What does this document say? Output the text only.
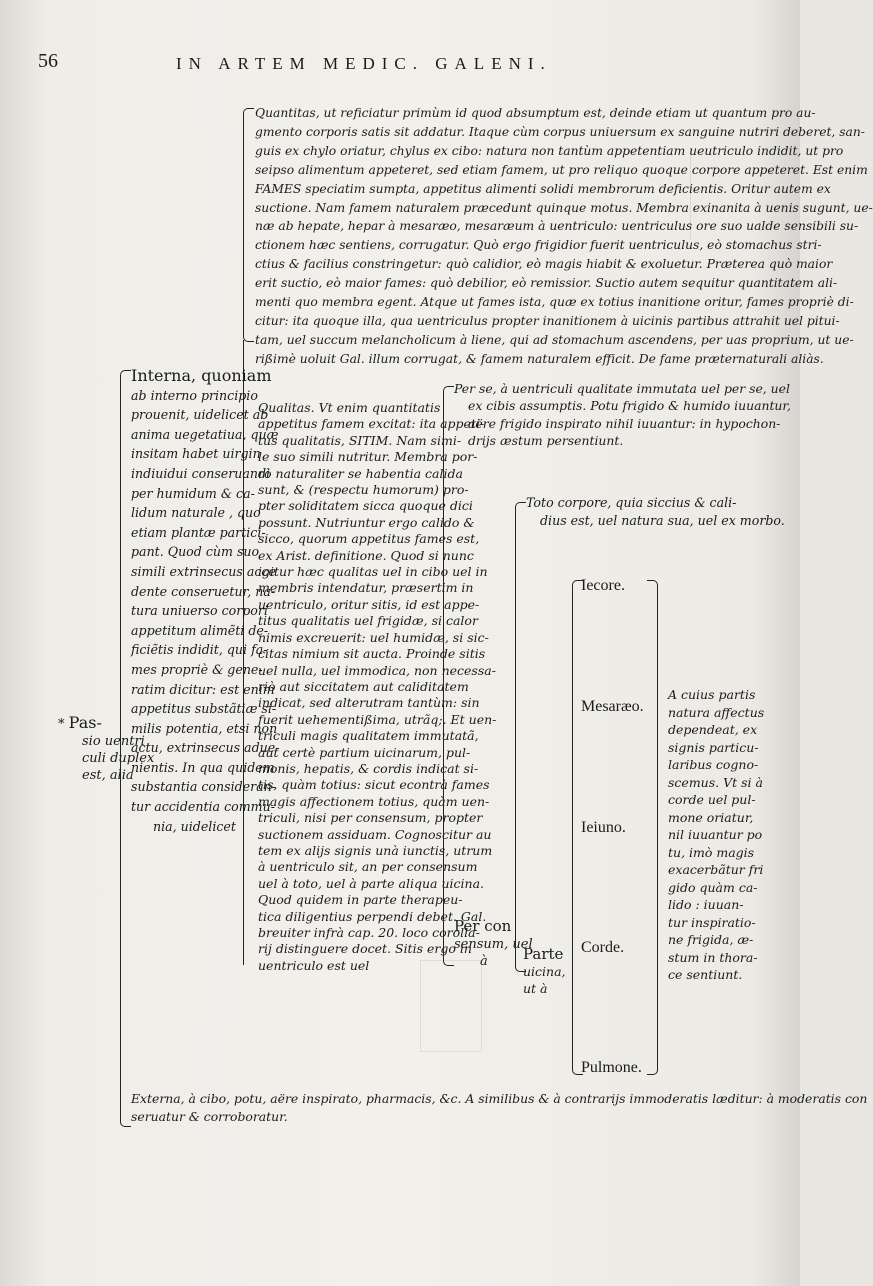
56	IN ARTEM MEDIC. GALENI.
Quantitas, ut reficiatur primùm id quod absumptum est, deinde etiam ut quantum pro au-
gmento corporis satis sit addatur. Itaque cùm corpus uniuersum ex sanguine nutriri deberet, san-
guis ex chylo oriatur, chylus ex cibo: natura non tantùm appetentiam ueutriculo indidit, ut pro
seipso alimentum appeteret, sed etiam famem, ut pro reliquo quoque corpore appeteret. Est enim
FAMES speciatim sumpta, appetitus alimenti solidi membrorum deficientis. Oritur autem ex
suctione. Nam famem naturalem præcedunt quinque motus. Membra exinanita à uenis sugunt, ue-
næ ab hepate, hepar à mesaræo, mesaræum à uentriculo: uentriculus ore suo ualde sensibili su-
ctionem hæc sentiens, corrugatur. Quò ergo frigidior fuerit uentriculus, eò stomachus stri-
ctius & facilius constringetur: quò calidior, eò magis hiabit & exoluetur. Præterea quò maior
erit suctio, eò maior fames: quò debilior, eò remissior. Suctio autem sequitur quantitatem ali-
menti quo membra egent. Atque ut fames ista, quæ ex totius inanitione oritur, fames propriè di-
citur: ita quoque illa, qua uentriculus propter inanitionem à uicinis partibus attrahit uel pitui-
tam, uel succum melancholicum à liene, qui ad stomachum ascendens, per uas proprium, ut ue-
rißimè uoluit Gal. illum corrugat, & famem naturalem efficit. De fame præternaturali aliàs.
* Pas-
sio uentri
culi duplex
est, alia
Interna, quoniam
ab interno principio
prouenit, uidelicet ab
anima uegetatiua, quæ
insitam habet uirgin
indiuidui conseruandi
per humidum & ca-
lidum naturale , quo
etiam plantæ partici-
pant. Quod cùm suo
simili extrinsecus acce
dente conseruetur, na-
tura uniuerso corpori
appetitum alimẽti de-
ficiẽtis indidit, qui fa-
mes propriè & gene-
ratim dicitur: est enim
appetitus substãtiæ si-
milis potentia, etsi non
actu, extrinsecus adue-
nientis. In qua quidem
substantia consideran-
tur accidentia commu-
nia, uidelicet
Qualitas. Vt enim quantitatis
appetitus famem excitat: ita appeti-
tus qualitatis, SITIM. Nam simi-
le suo simili nutritur. Membra por-
rò naturaliter se habentia calida
sunt, & (respectu humorum) pro-
pter soliditatem sicca quoque dici
possunt. Nutriuntur ergo calido &
sicco, quorum appetitus fames est,
ex Arist. definitione. Quod si nunc
igitur hæc qualitas uel in cibo uel in
membris intendatur, præsertim in
uentriculo, oritur sitis, id est appe-
titus qualitatis uel frigidæ, si calor
nimis excreuerit: uel humidæ, si sic-
citas nimium sit aucta. Proinde sitis
uel nulla, uel immodica, non necessa-
riò aut siccitatem aut caliditatem
indicat, sed alterutram tantùm: sin
fuerit uehementißima, utrãq;. Et uen-
triculi magis qualitatem immutatã,
aut certè partium uicinarum, pul-
monis, hepatis, & cordis indicat si-
tis, quàm totius: sicut econtrà fames
magis affectionem totius, quàm uen-
triculi, nisi per consensum, propter
suctionem assiduam. Cognoscitur au
tem ex alijs signis unà iunctis, utrum
à uentriculo sit, an per consensum
uel à toto, uel à parte aliqua uicina.
Quod quidem in parte therapeu-
tica diligentius perpendi debet. Gal.
breuiter infrà cap. 20. loco corolla-
rij distinguere docet. Sitis ergo in
uentriculo est uel
Per se, à uentriculi qualitate immutata uel per se, uel
ex cibis assumptis. Potu frigido & humido iuuantur,
aëre frigido inspirato nihil iuuantur: in hypochon-
drijs æstum persentiunt.
Per con
sensum, uel
à
Toto corpore, quia siccius & cali-
dius est, uel natura sua, uel ex morbo.
Parte
uicina,
ut à
Iecore.
Mesaræo.
Ieiuno.
Corde.
Pulmone.
A cuius partis
natura affectus
dependeat, ex
signis particu-
laribus cogno-
scemus. Vt si à
corde uel pul-
mone oriatur,
nil iuuantur po
tu, imò magis
exacerbãtur fri
gido quàm ca-
lido : iuuan-
tur inspiratio-
ne frigida, æ-
stum in thora-
ce sentiunt.
Externa, à cibo, potu, aëre inspirato, pharmacis, &c. A similibus & à contrarijs immoderatis læditur: à moderatis con
seruatur & corroboratur.
